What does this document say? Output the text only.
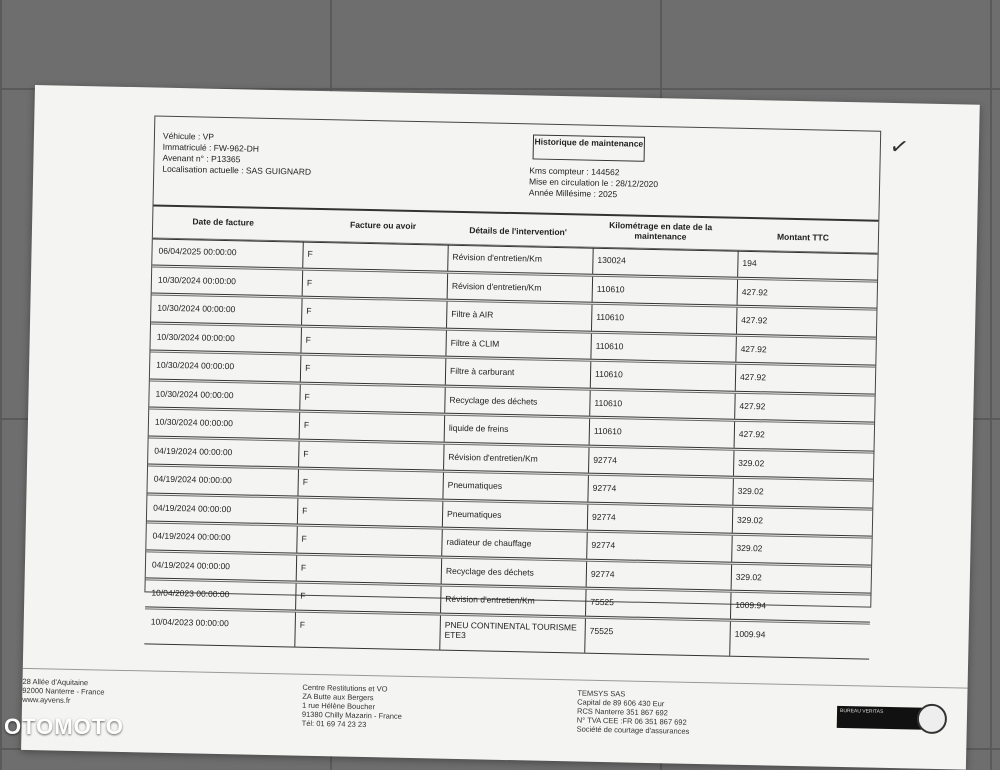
Véhicule : VP
Immatriculé : FW-962-DH
Avenant n° : P13365
Localisation actuelle : SAS GUIGNARD
Historique de maintenance
Kms compteur : 144562
Mise en circulation le : 28/12/2020
Année Millésime : 2025
✓
Date de facture	Facture ou avoir	Détails de l'intervention'	Kilométrage en date de la maintenance	Montant TTC
06/04/2025 00:00:00	F	Révision d'entretien/Km	130024	194
10/30/2024 00:00:00	F	Révision d'entretien/Km	110610	427.92
10/30/2024 00:00:00	F	Filtre à AIR	110610	427.92
10/30/2024 00:00:00	F	Filtre à CLIM	110610	427.92
10/30/2024 00:00:00	F	Filtre à carburant	110610	427.92
10/30/2024 00:00:00	F	Recyclage des déchets	110610	427.92
10/30/2024 00:00:00	F	liquide de freins	110610	427.92
04/19/2024 00:00:00	F	Révision d'entretien/Km	92774	329.02
04/19/2024 00:00:00	F	Pneumatiques	92774	329.02
04/19/2024 00:00:00	F	Pneumatiques	92774	329.02
04/19/2024 00:00:00	F	radiateur de chauffage	92774	329.02
04/19/2024 00:00:00	F	Recyclage des déchets	92774	329.02
10/04/2023 00:00:00	F	Révision d'entretien/Km	75525	1009.94
10/04/2023 00:00:00	F	PNEU CONTINENTAL TOURISME ETE3	75525	1009.94
28 Allée d'Aquitaine
92000 Nanterre - France
www.ayvens.fr
Centre Restitutions et VO
ZA Butte aux Bergers
1 rue Hélène Boucher
91380 Chilly Mazarin - France
Tél: 01 69 74 23 23
TEMSYS SAS
Capital de 89 606 430 Eur
RCS Nanterre 351 867 692
N° TVA CEE :FR 06 351 867 692
Société de courtage d'assurances
BUREAU VERITAS
OTOMOTO
